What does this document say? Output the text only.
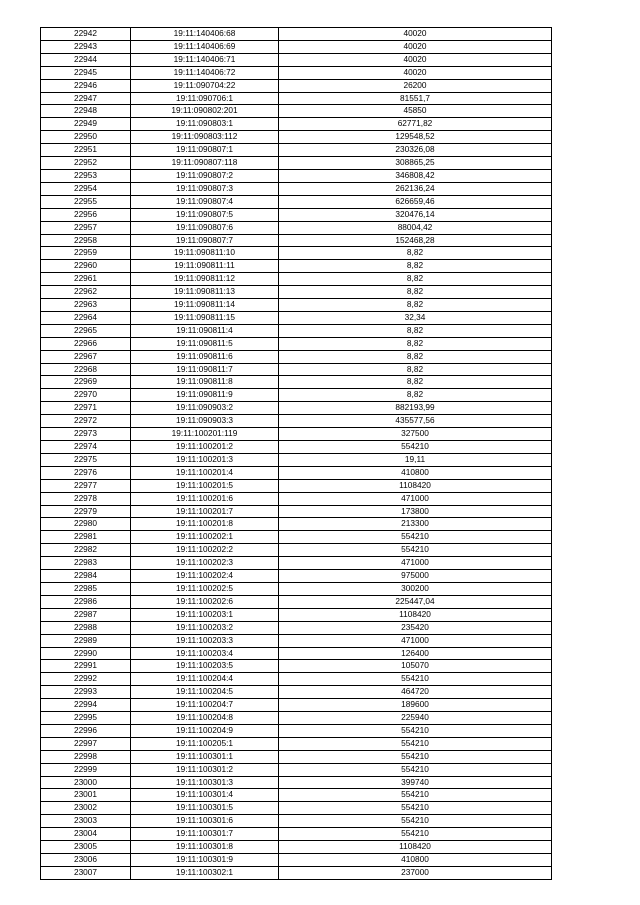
22942	19:11:140406:68	40020
22943	19:11:140406:69	40020
22944	19:11:140406:71	40020
22945	19:11:140406:72	40020
22946	19:11:090704:22	26200
22947	19:11:090706:1	81551,7
22948	19:11:090802:201	45850
22949	19:11:090803:1	62771,82
22950	19:11:090803:112	129548,52
22951	19:11:090807:1	230326,08
22952	19:11:090807:118	308865,25
22953	19:11:090807:2	346808,42
22954	19:11:090807:3	262136,24
22955	19:11:090807:4	626659,46
22956	19:11:090807:5	320476,14
22957	19:11:090807:6	88004,42
22958	19:11:090807:7	152468,28
22959	19:11:090811:10	8,82
22960	19:11:090811:11	8,82
22961	19:11:090811:12	8,82
22962	19:11:090811:13	8,82
22963	19:11:090811:14	8,82
22964	19:11:090811:15	32,34
22965	19:11:090811:4	8,82
22966	19:11:090811:5	8,82
22967	19:11:090811:6	8,82
22968	19:11:090811:7	8,82
22969	19:11:090811:8	8,82
22970	19:11:090811:9	8,82
22971	19:11:090903:2	882193,99
22972	19:11:090903:3	435577,56
22973	19:11:100201:119	327500
22974	19:11:100201:2	554210
22975	19:11:100201:3	19,11
22976	19:11:100201:4	410800
22977	19:11:100201:5	1108420
22978	19:11:100201:6	471000
22979	19:11:100201:7	173800
22980	19:11:100201:8	213300
22981	19:11:100202:1	554210
22982	19:11:100202:2	554210
22983	19:11:100202:3	471000
22984	19:11:100202:4	975000
22985	19:11:100202:5	300200
22986	19:11:100202:6	225447,04
22987	19:11:100203:1	1108420
22988	19:11:100203:2	235420
22989	19:11:100203:3	471000
22990	19:11:100203:4	126400
22991	19:11:100203:5	105070
22992	19:11:100204:4	554210
22993	19:11:100204:5	464720
22994	19:11:100204:7	189600
22995	19:11:100204:8	225940
22996	19:11:100204:9	554210
22997	19:11:100205:1	554210
22998	19:11:100301:1	554210
22999	19:11:100301:2	554210
23000	19:11:100301:3	399740
23001	19:11:100301:4	554210
23002	19:11:100301:5	554210
23003	19:11:100301:6	554210
23004	19:11:100301:7	554210
23005	19:11:100301:8	1108420
23006	19:11:100301:9	410800
23007	19:11:100302:1	237000
